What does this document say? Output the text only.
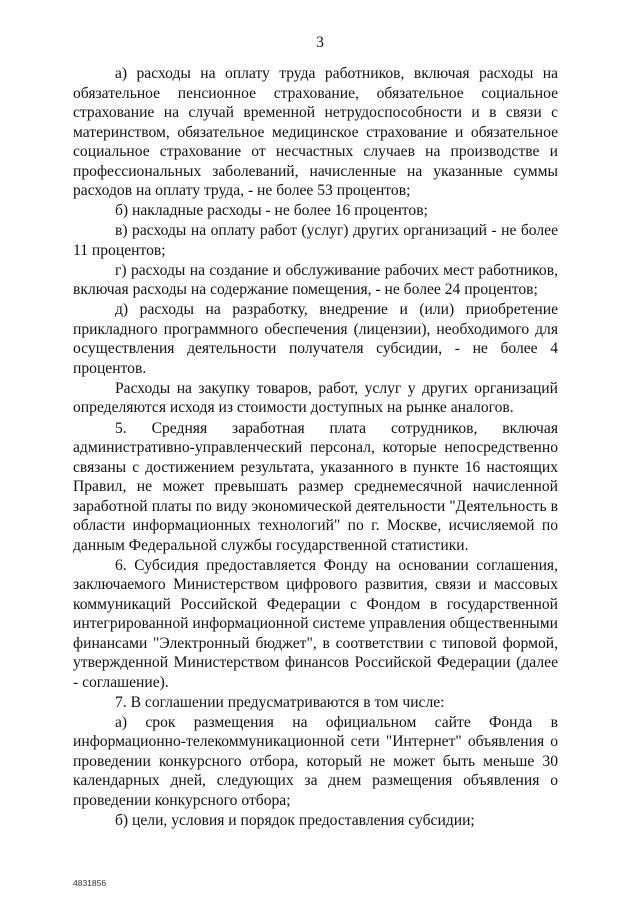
3

а) расходы на оплату труда работников, включая расходы на обязательное пенсионное страхование, обязательное социальное страхование на случай временной нетрудоспособности и в связи с материнством, обязательное медицинское страхование и обязательное социальное страхование от несчастных случаев на производстве и профессиональных заболеваний, начисленные на указанные суммы расходов на оплату труда, - не более 53 процентов;

б) накладные расходы - не более 16 процентов;

в) расходы на оплату работ (услуг) других организаций - не более 11 процентов;

г) расходы на создание и обслуживание рабочих мест работников, включая расходы на содержание помещения, - не более 24 процентов;

д) расходы на разработку, внедрение и (или) приобретение прикладного программного обеспечения (лицензии), необходимого для осуществления деятельности получателя субсидии, - не более 4 процентов.

Расходы на закупку товаров, работ, услуг у других организаций определяются исходя из стоимости доступных на рынке аналогов.

5. Средняя заработная плата сотрудников, включая административно-управленческий персонал, которые непосредственно связаны с достижением результата, указанного в пункте 16 настоящих Правил, не может превышать размер среднемесячной начисленной заработной платы по виду экономической деятельности "Деятельность в области информационных технологий" по г. Москве, исчисляемой по данным Федеральной службы государственной статистики.

6. Субсидия предоставляется Фонду на основании соглашения, заключаемого Министерством цифрового развития, связи и массовых коммуникаций Российской Федерации с Фондом в государственной интегрированной информационной системе управления общественными финансами "Электронный бюджет", в соответствии с типовой формой, утвержденной Министерством финансов Российской Федерации (далее - соглашение).

7. В соглашении предусматриваются в том числе:

а) срок размещения на официальном сайте Фонда в информационно-телекоммуникационной сети "Интернет" объявления о проведении конкурсного отбора, который не может быть меньше 30 календарных дней, следующих за днем размещения объявления о проведении конкурсного отбора;

б) цели, условия и порядок предоставления субсидии;

4831856
